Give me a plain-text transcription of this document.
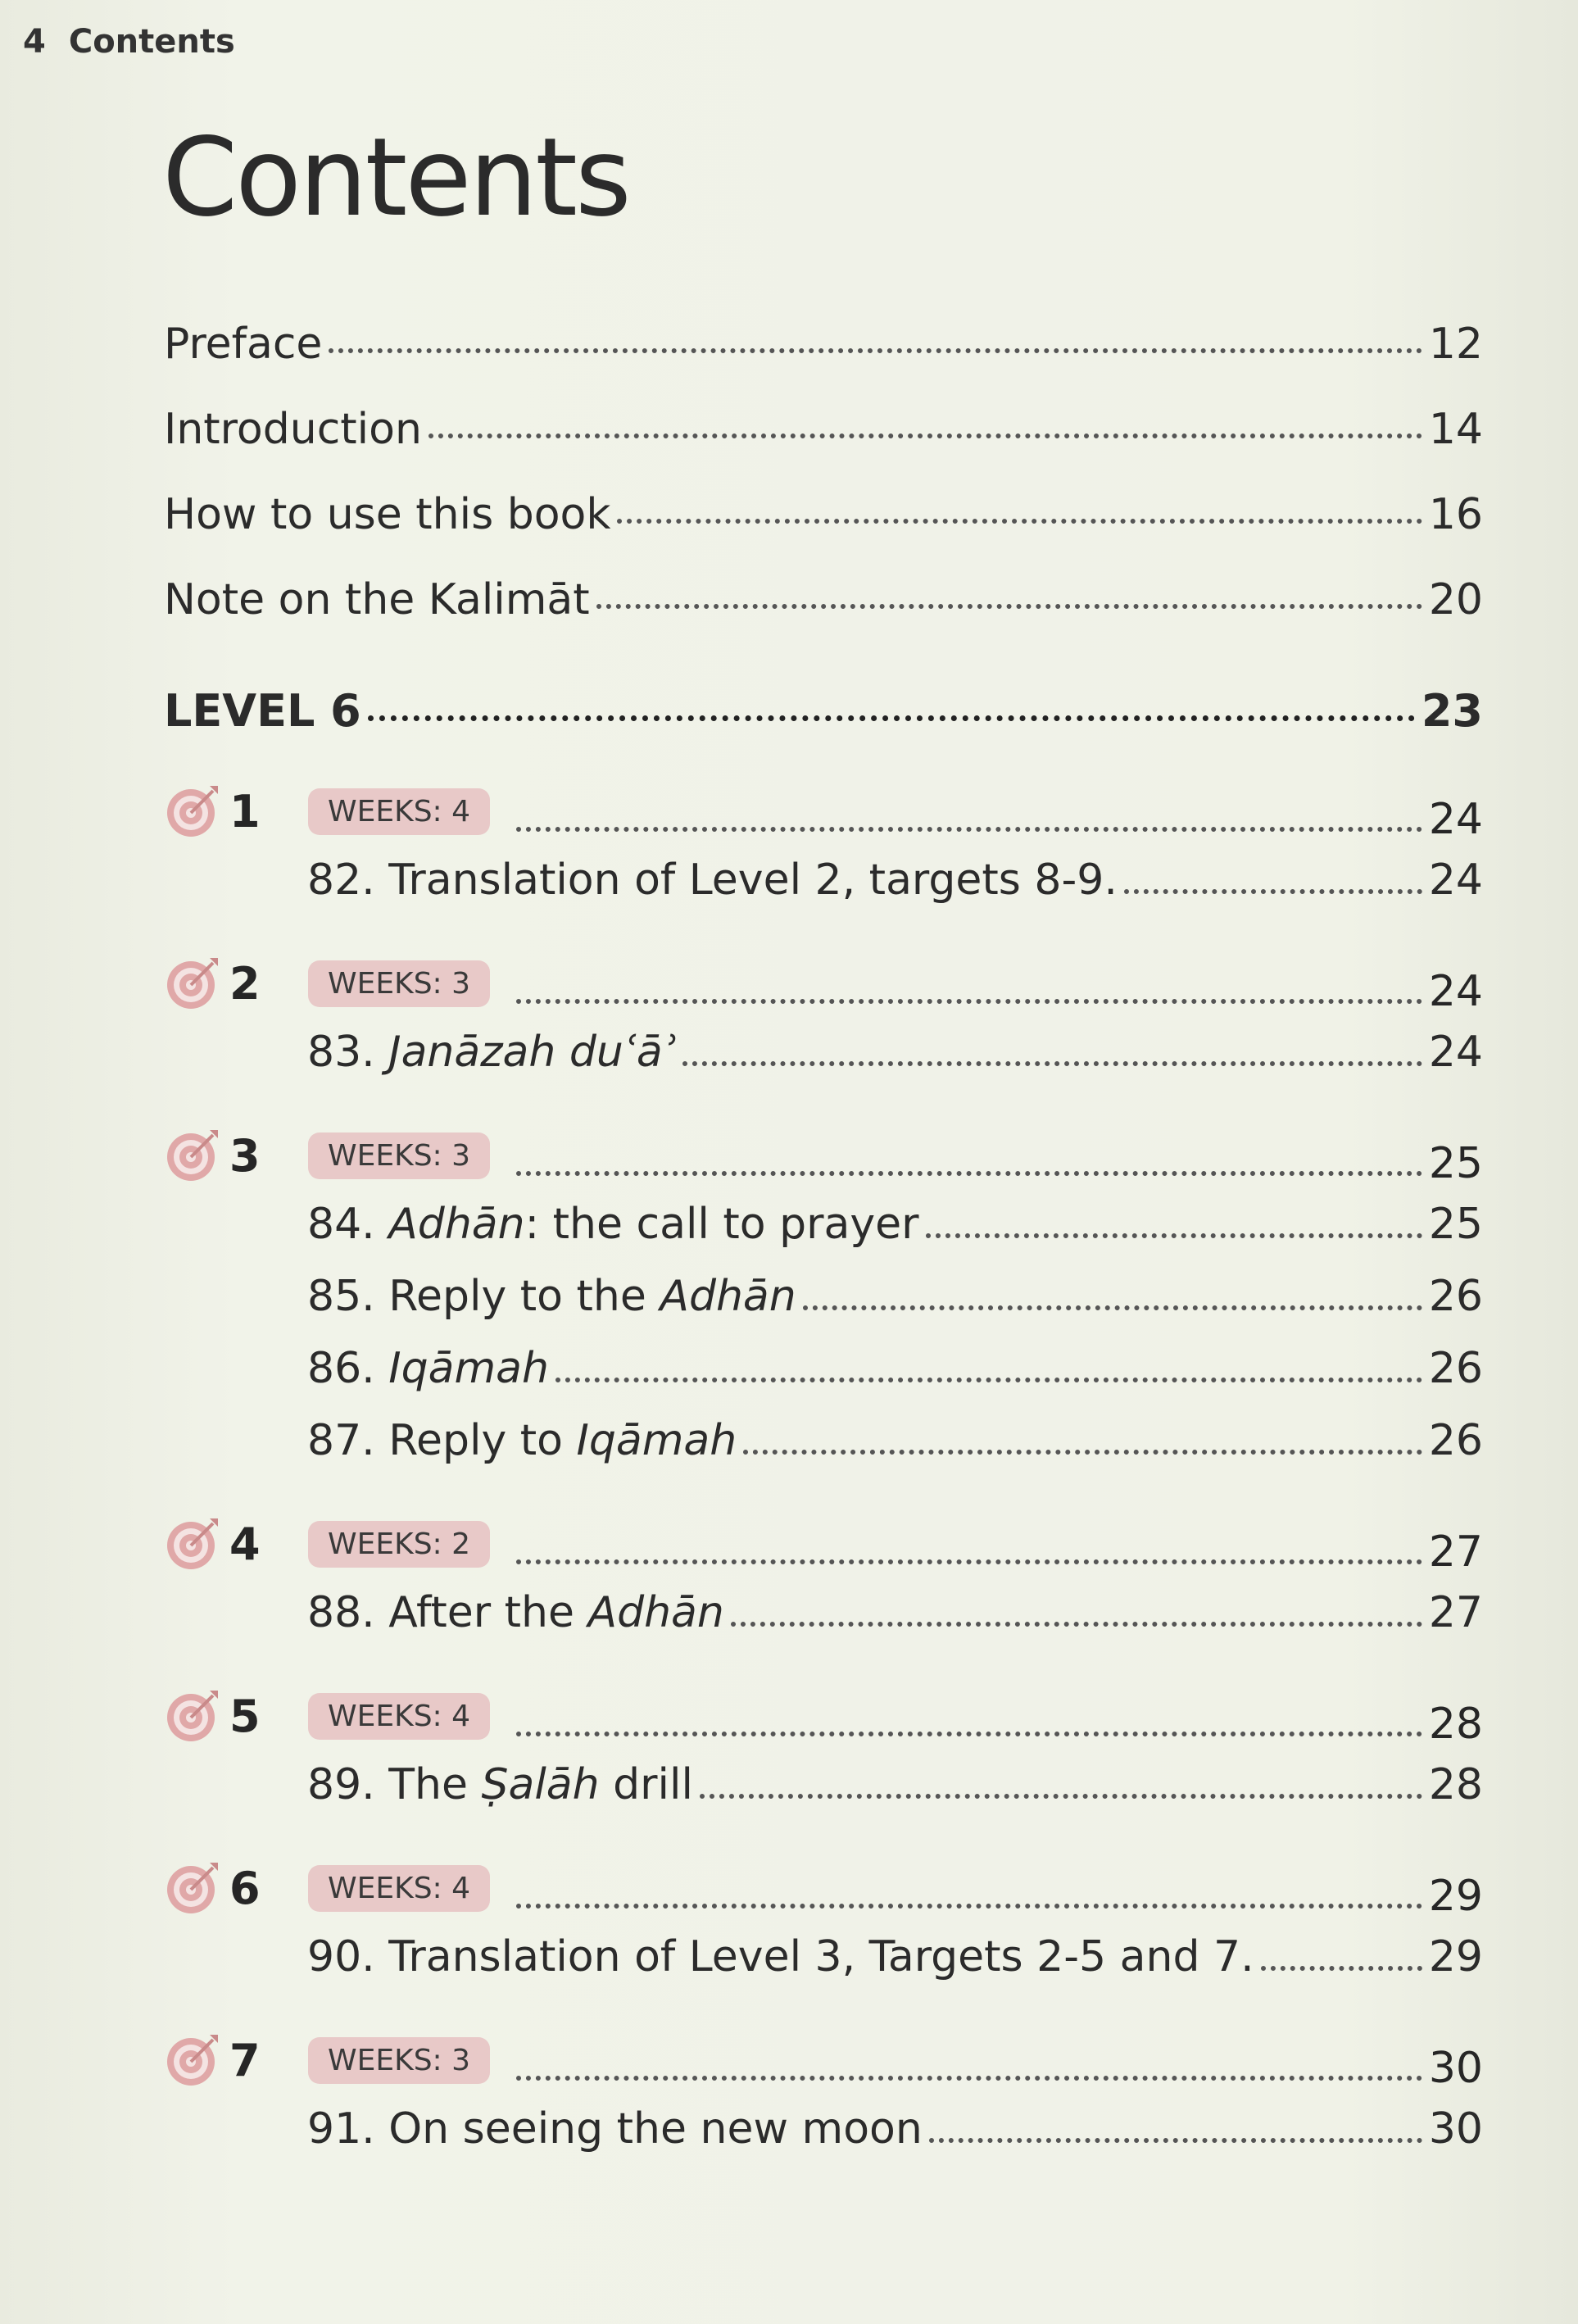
4 Contents
Contents
Preface	12
Introduction	14
How to use this book	16
Note on the Kalimāt	20
LEVEL 6	23
1	WEEKS: 4	24
82. Translation of Level 2, targets 8-9.	24
2	WEEKS: 3	24
83. Janāzah duʿāʾ	24
3	WEEKS: 3	25
84. Adhān: the call to prayer	25
85. Reply to the Adhān	26
86. Iqāmah	26
87. Reply to Iqāmah	26
4	WEEKS: 2	27
88. After the Adhān	27
5	WEEKS: 4	28
89. The Ṣalāh drill	28
6	WEEKS: 4	29
90. Translation of Level 3, Targets 2-5 and 7.	29
7	WEEKS: 3	30
91. On seeing the new moon	30
